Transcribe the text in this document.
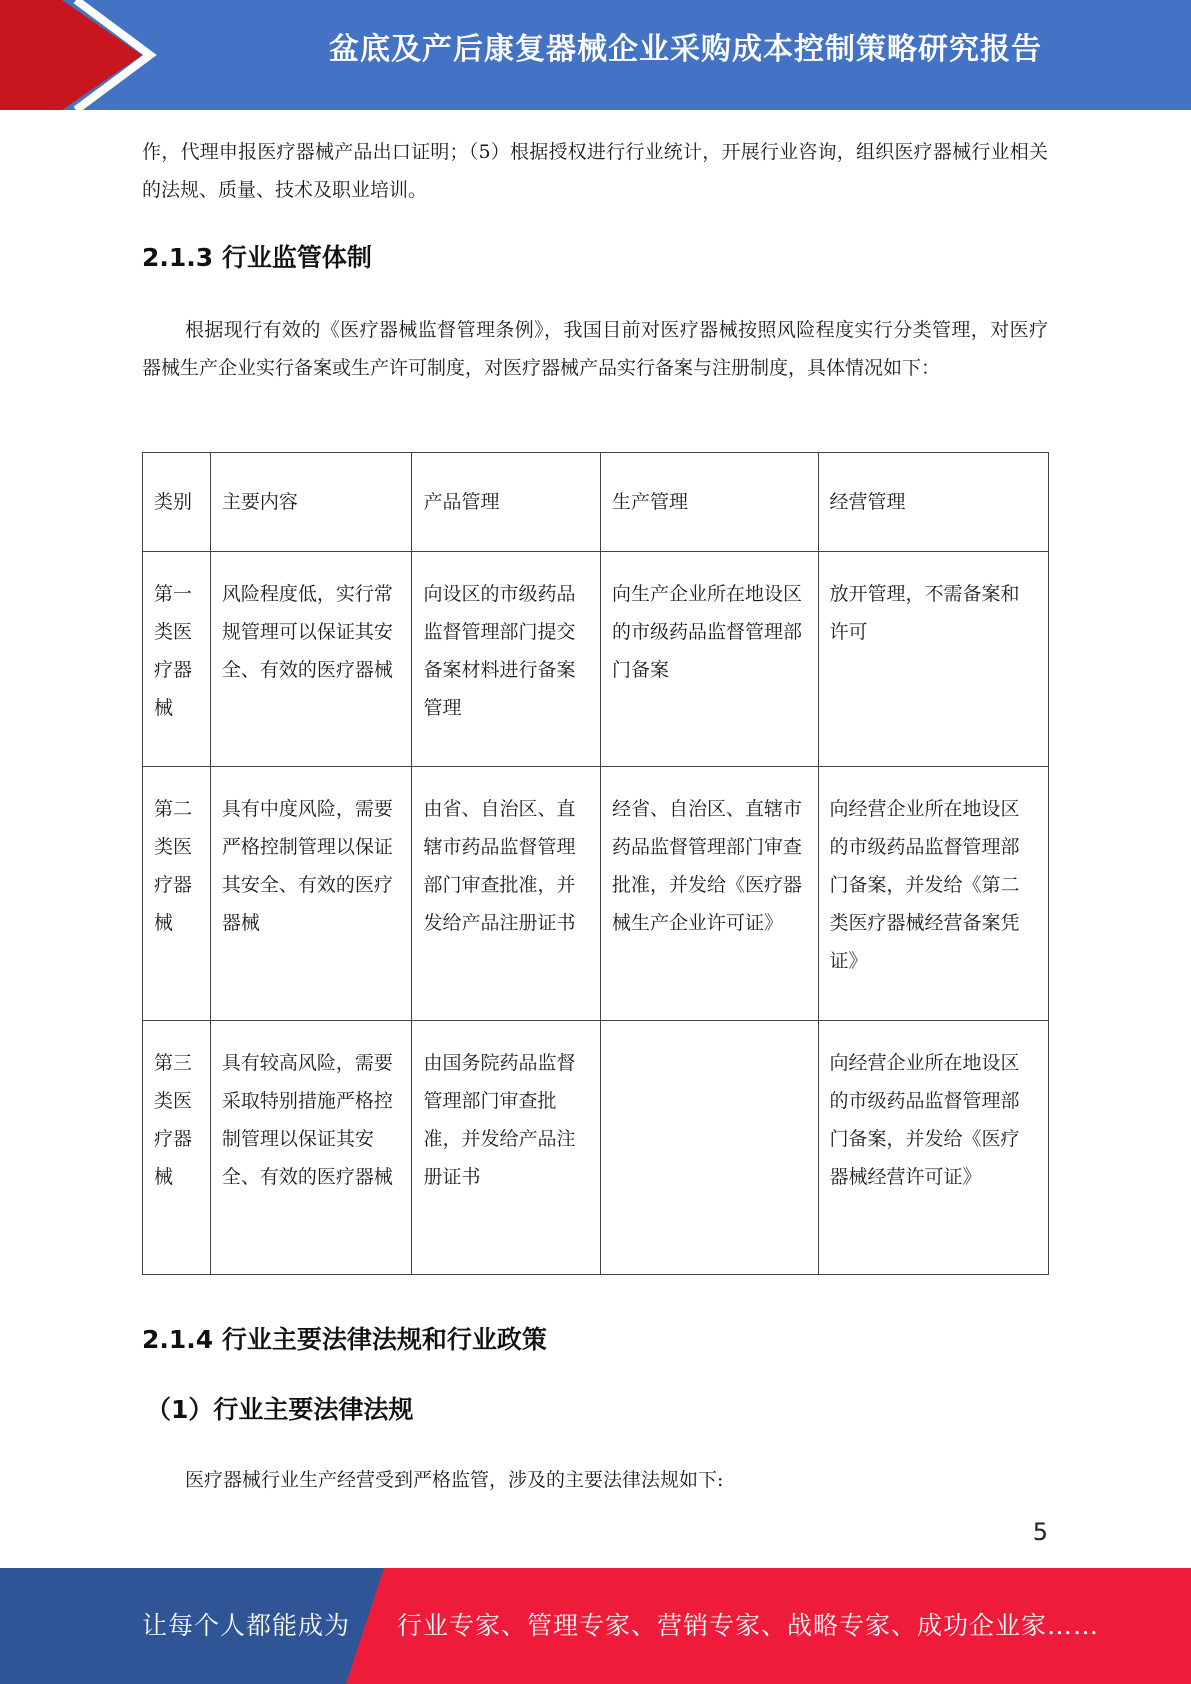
盆底及产后康复器械企业采购成本控制策略研究报告

作，代理申报医疗器械产品出口证明；（5）根据授权进行行业统计，开展行业咨询，组织医疗器械行业相关的法规、质量、技术及职业培训。

2.1.3 行业监管体制

根据现行有效的《医疗器械监督管理条例》，我国目前对医疗器械按照风险程度实行分类管理，对医疗器械生产企业实行备案或生产许可制度，对医疗器械产品实行备案与注册制度，具体情况如下：

类别	主要内容	产品管理	生产管理	经营管理
第一类医疗器械	风险程度低，实行常规管理可以保证其安全、有效的医疗器械	向设区的市级药品监督管理部门提交备案材料进行备案管理	向生产企业所在地设区的市级药品监督管理部门备案	放开管理，不需备案和许可
第二类医疗器械	具有中度风险，需要严格控制管理以保证其安全、有效的医疗器械	由省、自治区、直辖市药品监督管理部门审查批准，并发给产品注册证书	经省、自治区、直辖市药品监督管理部门审查批准，并发给《医疗器械生产企业许可证》	向经营企业所在地设区的市级药品监督管理部门备案，并发给《第二类医疗器械经营备案凭证》
第三类医疗器械	具有较高风险，需要采取特别措施严格控制管理以保证其安全、有效的医疗器械	由国务院药品监督管理部门审查批准，并发给产品注册证书		向经营企业所在地设区的市级药品监督管理部门备案，并发给《医疗器械经营许可证》
2.1.4 行业主要法律法规和行业政策
（1）行业主要法律法规

医疗器械行业生产经营受到严格监管，涉及的主要法律法规如下:

5
让每个人都能成为 行业专家、管理专家、营销专家、战略专家、成功企业家……
